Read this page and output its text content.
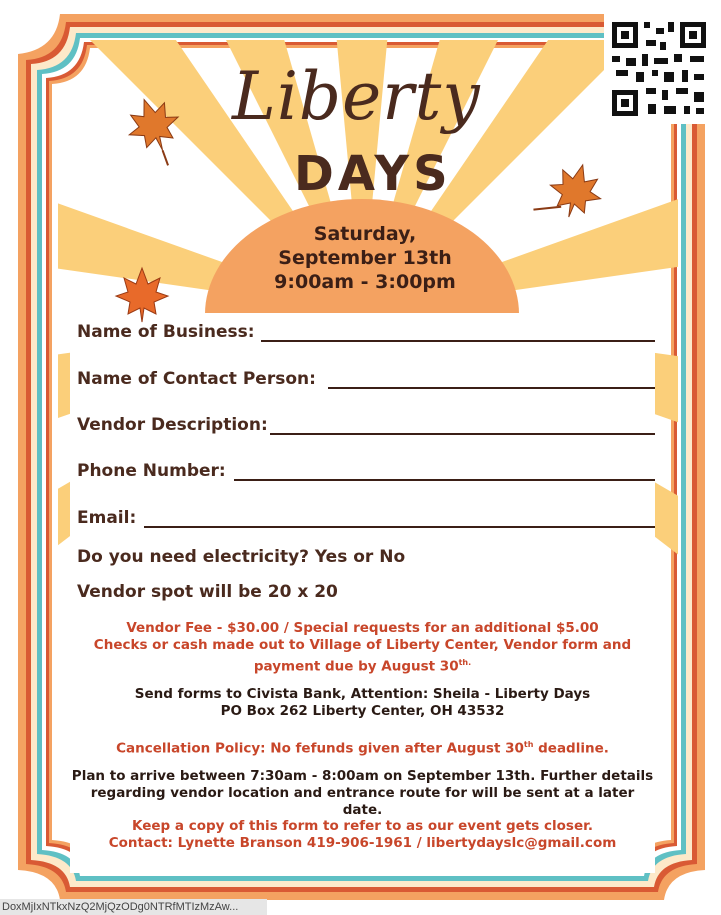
Liberty
DAYS
Saturday,
September 13th
9:00am - 3:00pm
Name of Business:
Name of Contact Person:
Vendor Description:
Phone Number:
Email:
Do you need electricity? Yes or No
Vendor spot will be 20 x 20
Vendor Fee - $30.00 / Special requests for an additional $5.00
Checks or cash made out to Village of Liberty Center, Vendor form and
payment due by August $30^{th.}$
Send forms to Civista Bank, Attention: Sheila - Liberty Days
PO Box 262 Liberty Center, OH 43532
Cancellation Policy: No fefunds given after August 30th deadline.
Plan to arrive between 7:30am - 8:00am on September 13th. Further details
regarding vendor location and entrance route for will be sent at a later date.
Keep a copy of this form to refer to as our event gets closer.
Contact: Lynette Branson 419-906-1961 / libertydayslc@gmail.com
DoxMjIxNTkxNzQ2MjQzODg0NTRfMTIzMzAw...
